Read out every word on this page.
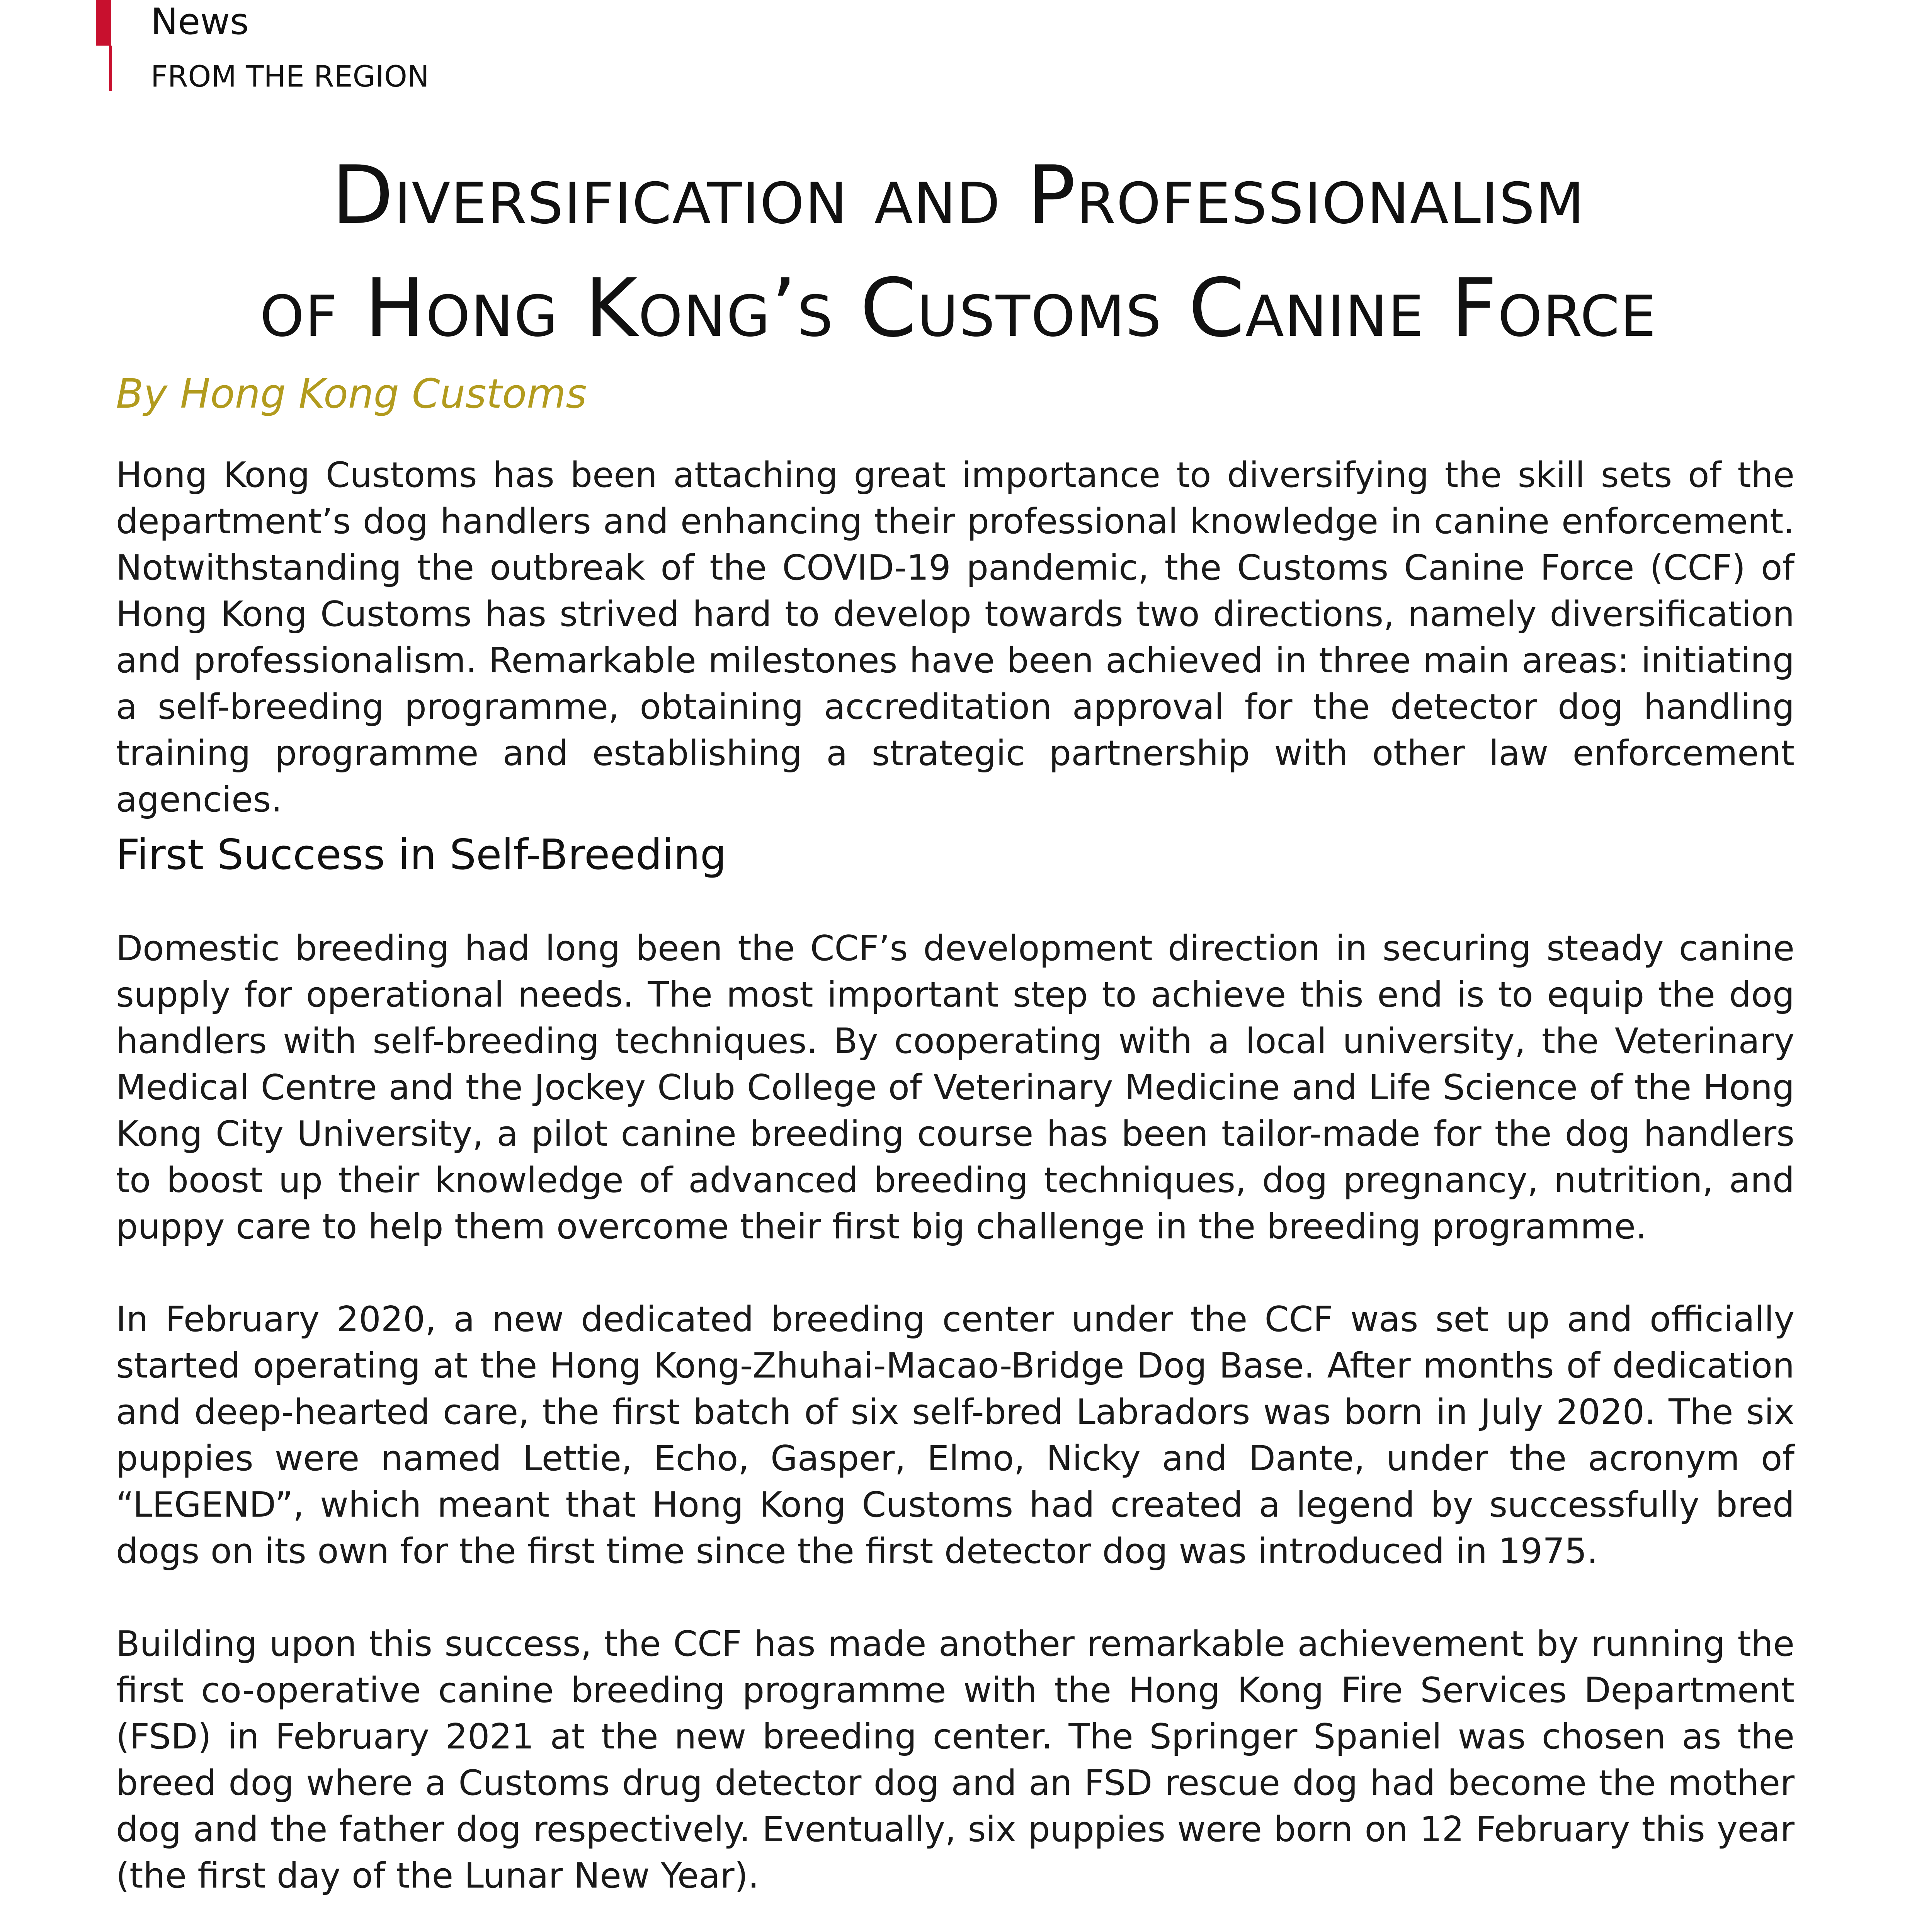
News
FROM THE REGION
Diversification and Professionalism
of Hong Kong’s Customs Canine Force
By Hong Kong Customs

Hong Kong Customs has been attaching great importance to diversifying the skill sets of the department’s dog handlers and enhancing their professional knowledge in canine enforcement. Notwithstanding the outbreak of the COVID-19 pandemic, the Customs Canine Force (CCF) of Hong Kong Customs has strived hard to develop towards two directions, namely diversification and professionalism. Remarkable milestones have been achieved in three main areas: initiating a self-breeding programme, obtaining accreditation approval for the detector dog handling training programme and establishing a strategic partnership with other law enforcement agencies.

First Success in Self-Breeding

Domestic breeding had long been the CCF’s development direction in securing steady canine supply for operational needs. The most important step to achieve this end is to equip the dog handlers with self-breeding techniques. By cooperating with a local university, the Veterinary Medical Centre and the Jockey Club College of Veterinary Medicine and Life Science of the Hong Kong City University, a pilot canine breeding course has been tailor-made for the dog handlers to boost up their knowledge of advanced breeding techniques, dog pregnancy, nutrition, and puppy care to help them overcome their first big challenge in the breeding programme.

In February 2020, a new dedicated breeding center under the CCF was set up and officially started operating at the Hong Kong-Zhuhai-Macao-Bridge Dog Base. After months of dedication and deep-hearted care, the first batch of six self-bred Labradors was born in July 2020. The six puppies were named Lettie, Echo, Gasper, Elmo, Nicky and Dante, under the acronym of “LEGEND”, which meant that Hong Kong Customs had created a legend by successfully bred dogs on its own for the first time since the first detector dog was introduced in 1975.

Building upon this success, the CCF has made another remarkable achievement by running the first co-operative canine breeding programme with the Hong Kong Fire Services Department (FSD) in February 2021 at the new breeding center. The Springer Spaniel was chosen as the breed dog where a Customs drug detector dog and an FSD rescue dog had become the mother dog and the father dog respectively. Eventually, six puppies were born on 12 February this year (the first day of the Lunar New Year).
